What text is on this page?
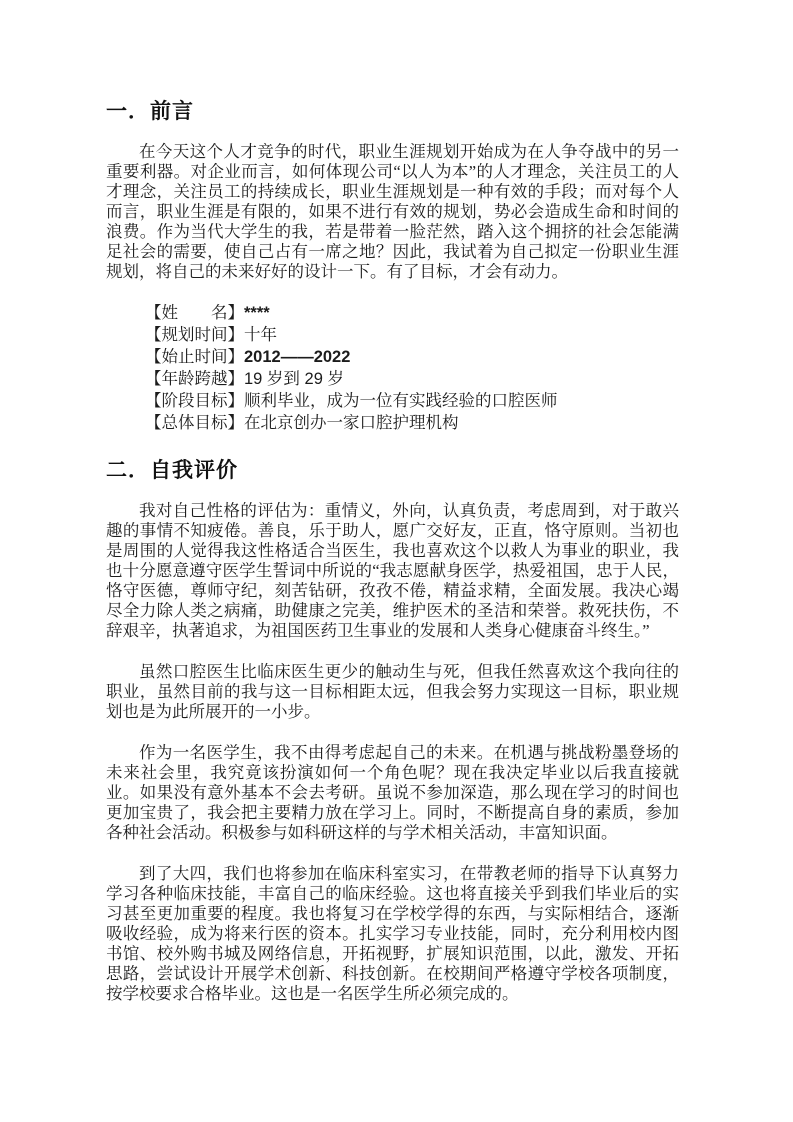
一．前言

在今天这个人才竞争的时代，职业生涯规划开始成为在人争夺战中的另一重要利器。对企业而言，如何体现公司“以人为本”的人才理念，关注员工的人才理念，关注员工的持续成长，职业生涯规划是一种有效的手段；而对每个人而言，职业生涯是有限的，如果不进行有效的规划，势必会造成生命和时间的浪费。作为当代大学生的我，若是带着一脸茫然，踏入这个拥挤的社会怎能满足社会的需要，使自己占有一席之地？因此，我试着为自己拟定一份职业生涯规划，将自己的未来好好的设计一下。有了目标，才会有动力。

【姓　　名】****
【规划时间】十年
【始止时间】2012——2022
【年龄跨越】19 岁到 29 岁
【阶段目标】顺利毕业，成为一位有实践经验的口腔医师
【总体目标】在北京创办一家口腔护理机构
二．自我评价

我对自己性格的评估为：重情义，外向，认真负责，考虑周到，对于敢兴趣的事情不知疲倦。善良，乐于助人，愿广交好友，正直，恪守原则。当初也是周围的人觉得我这性格适合当医生，我也喜欢这个以救人为事业的职业，我也十分愿意遵守医学生誓词中所说的“我志愿献身医学，热爱祖国，忠于人民，恪守医德，尊师守纪，刻苦钻研，孜孜不倦，精益求精，全面发展。我决心竭尽全力除人类之病痛，助健康之完美，维护医术的圣洁和荣誉。救死扶伤，不辞艰辛，执著追求，为祖国医药卫生事业的发展和人类身心健康奋斗终生。”

虽然口腔医生比临床医生更少的触动生与死，但我任然喜欢这个我向往的职业，虽然目前的我与这一目标相距太远，但我会努力实现这一目标，职业规划也是为此所展开的一小步。

作为一名医学生，我不由得考虑起自己的未来。在机遇与挑战粉墨登场的未来社会里，我究竟该扮演如何一个角色呢？现在我决定毕业以后我直接就业。如果没有意外基本不会去考研。虽说不参加深造，那么现在学习的时间也更加宝贵了，我会把主要精力放在学习上。同时，不断提高自身的素质，参加各种社会活动。积极参与如科研这样的与学术相关活动，丰富知识面。

到了大四，我们也将参加在临床科室实习，在带教老师的指导下认真努力学习各种临床技能，丰富自己的临床经验。这也将直接关乎到我们毕业后的实习甚至更加重要的程度。我也将复习在学校学得的东西，与实际相结合，逐渐吸收经验，成为将来行医的资本。扎实学习专业技能，同时，充分利用校内图书馆、校外购书城及网络信息，开拓视野，扩展知识范围，以此，激发、开拓思路，尝试设计开展学术创新、科技创新。在校期间严格遵守学校各项制度，按学校要求合格毕业。这也是一名医学生所必须完成的。
